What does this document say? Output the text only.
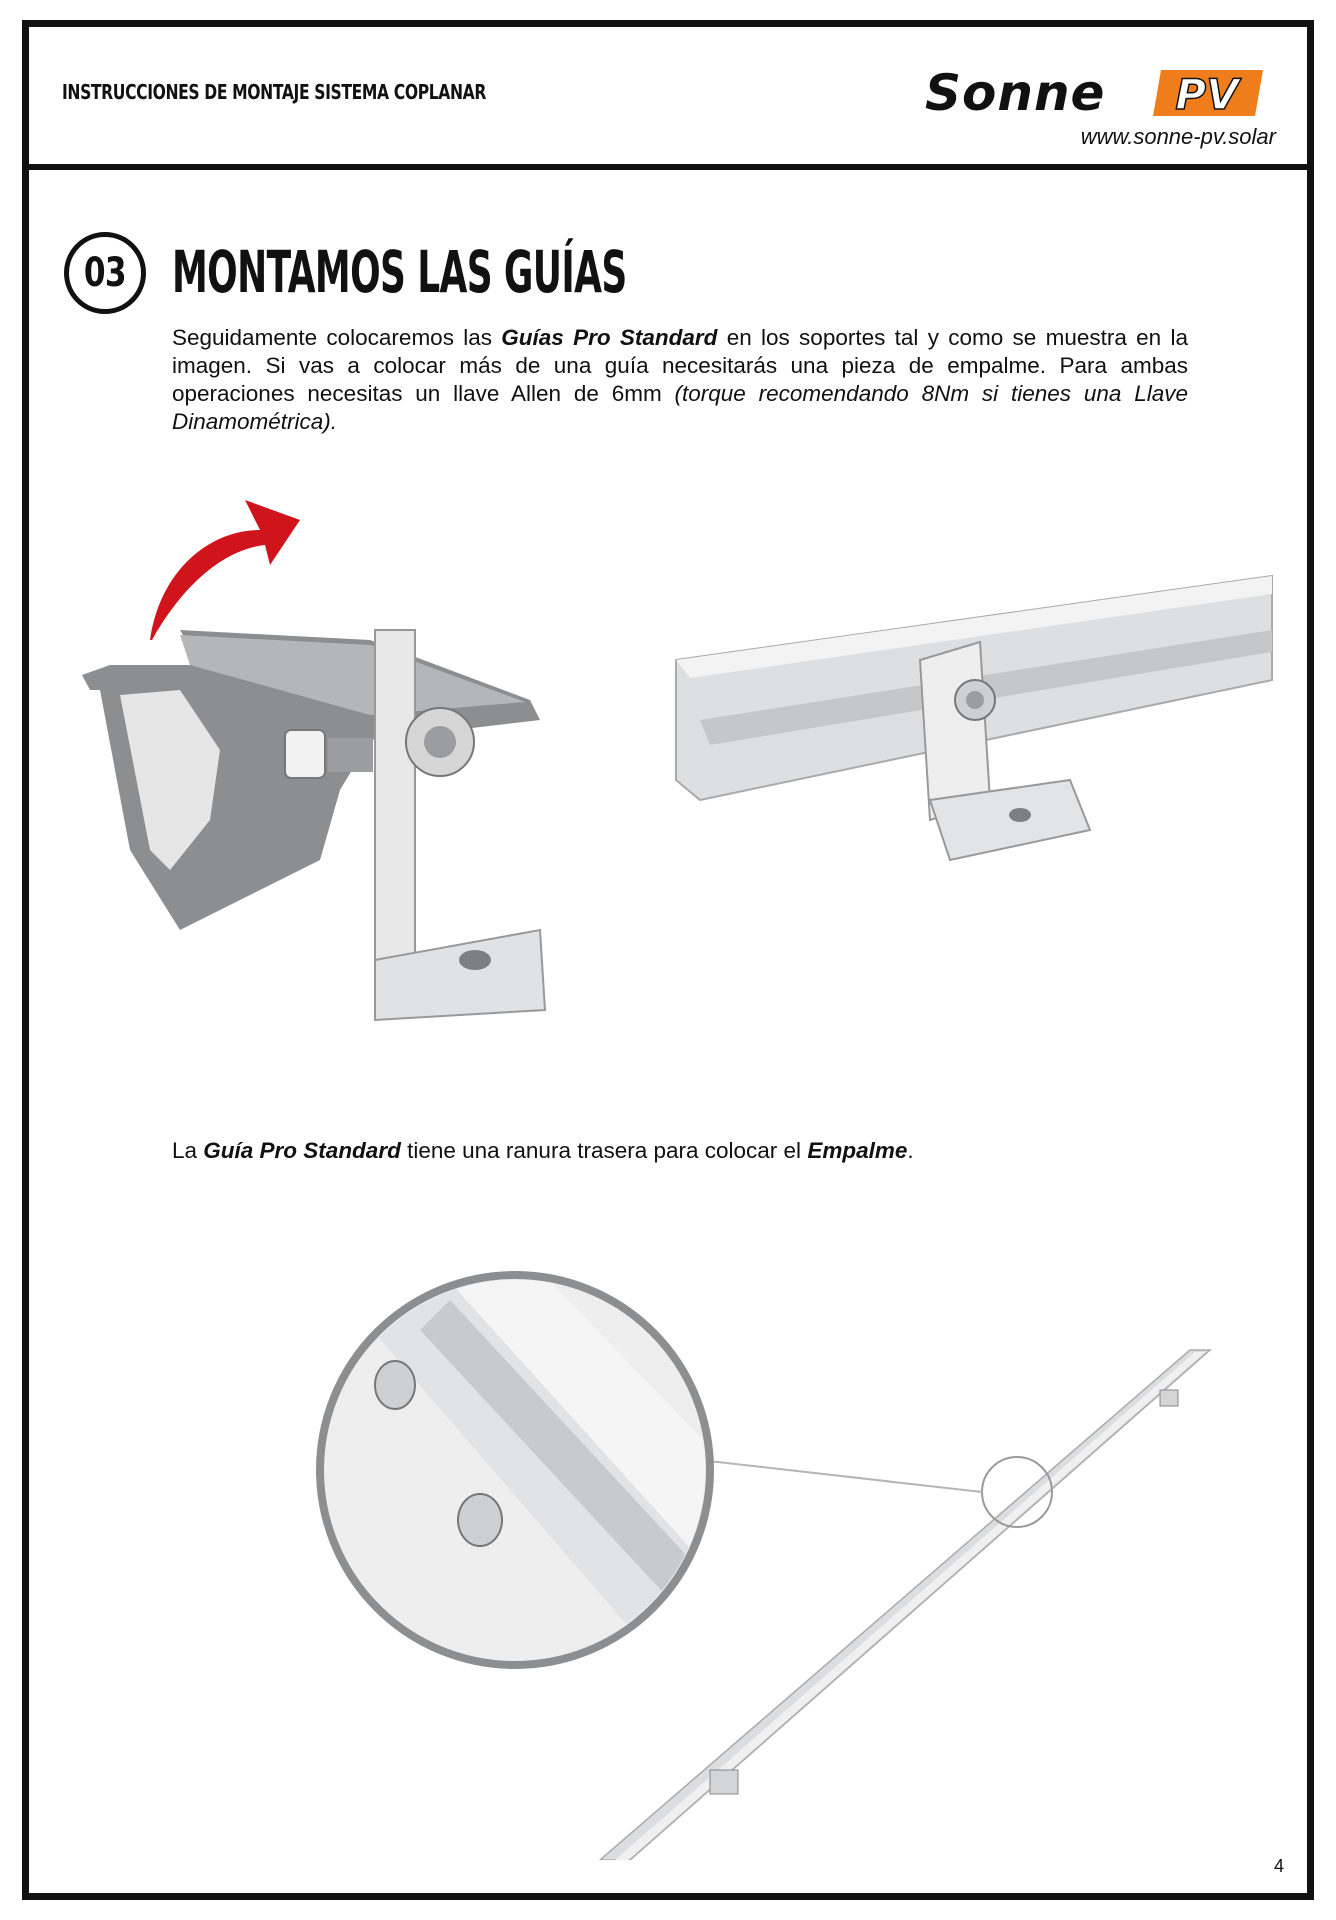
INSTRUCCIONES DE MONTAJE SISTEMA COPLANAR	Sonne PV
www.sonne-pv.solar
03 MONTAMOS LAS GUÍAS
Seguidamente colocaremos las Guías Pro Standard en los soportes tal y como se muestra en la imagen. Si vas a colocar más de una guía necesitarás una pieza de empalme. Para ambas operaciones necesitas un llave Allen de 6mm (torque recomendando 8Nm si tienes una Llave Dinamométrica).
La Guía Pro Standard tiene una ranura trasera para colocar el Empalme.
4
